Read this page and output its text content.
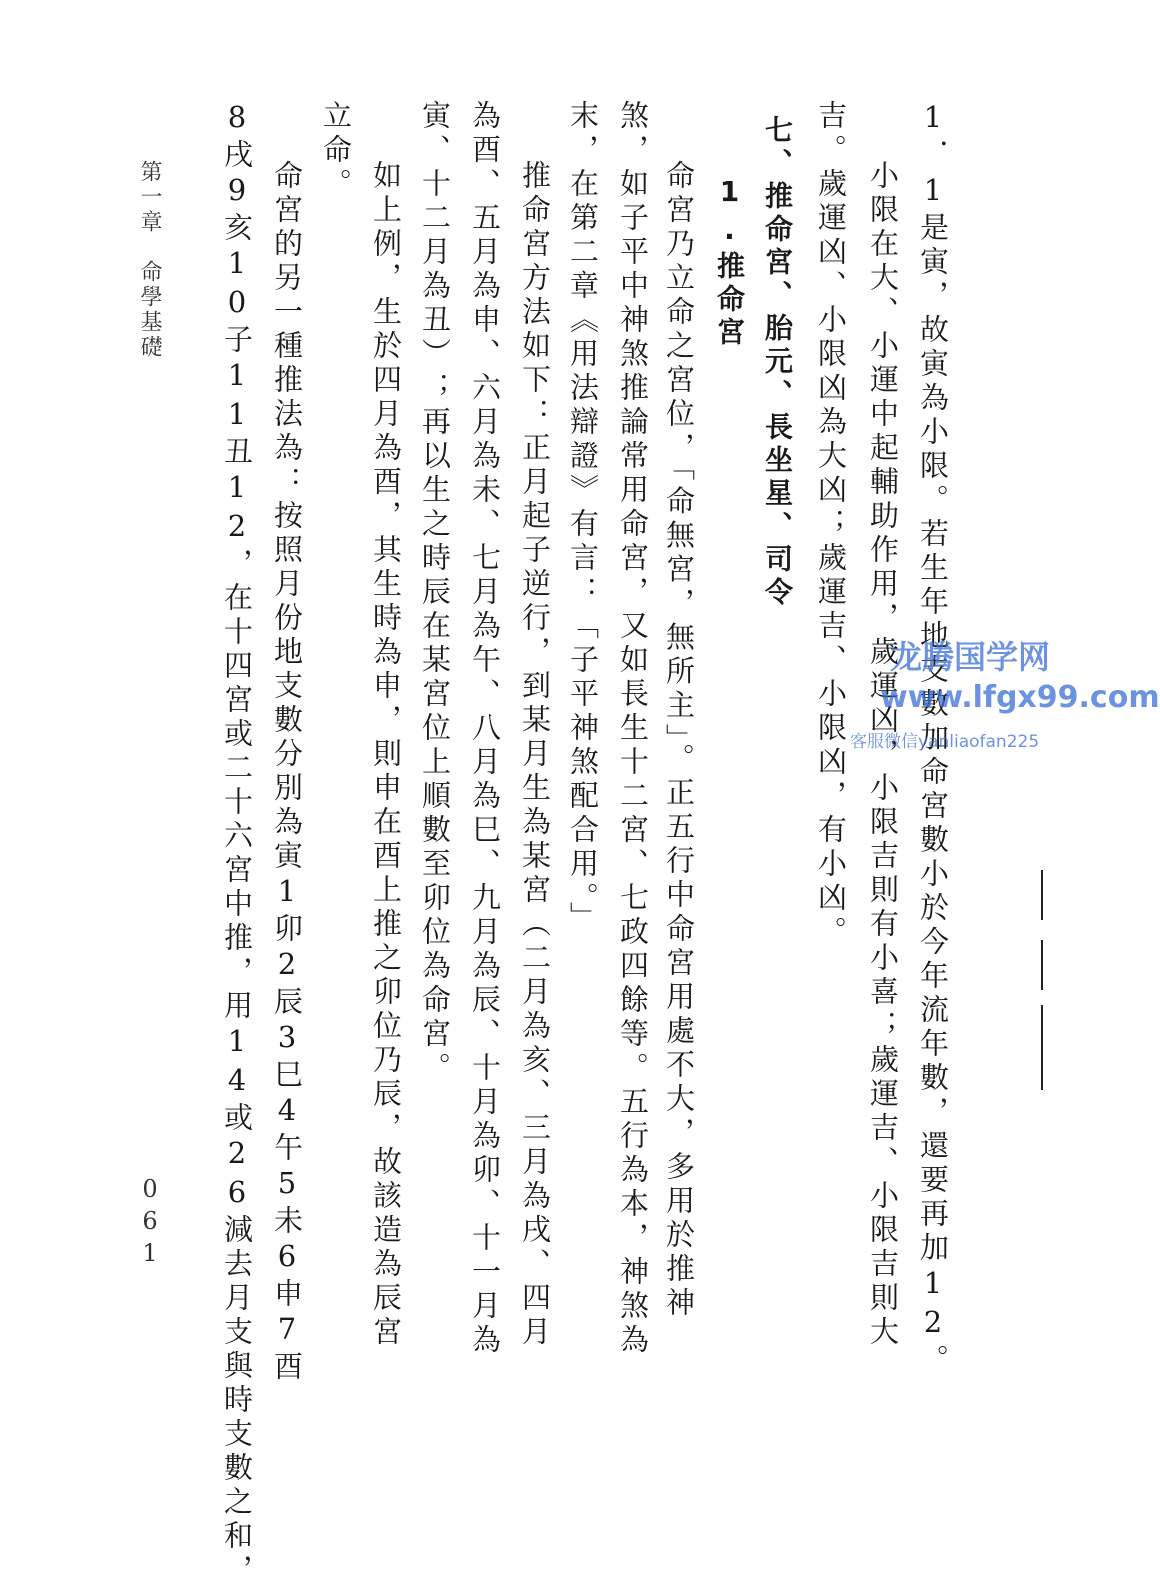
1．1是寅，故寅為小限。若生年地支數加命宮數小於今年流年數，還要再加12。
小限在大、小運中起輔助作用，歲運凶，小限吉則有小喜；歲運吉、小限吉則大
吉。歲運凶、小限凶為大凶；歲運吉、小限凶，有小凶。
七、推命宮、胎元、長坐星、司令
1.推命宮
命宮乃立命之宮位，「命無宮，無所主」。正五行中命宮用處不大，多用於推神
煞，如子平中神煞推論常用命宮，又如長生十二宮、七政四餘等。五行為本，神煞為
末，在第二章《用法辯證》有言：「子平神煞配合用。」
推命宮方法如下：正月起子逆行，到某月生為某宮（二月為亥、三月為戌、四月
為酉、五月為申、六月為未、七月為午、八月為巳、九月為辰、十月為卯、十一月為
寅、十二月為丑）；再以生之時辰在某宮位上順數至卯位為命宮。
如上例，生於四月為酉，其生時為申，則申在酉上推之卯位乃辰，故該造為辰宮
立命。
命宮的另一種推法為：按照月份地支數分別為寅1卯2辰3巳4午5未6申7酉
8戌9亥10子11丑12，在十四宮或二十六宮中推，用14或26減去月支與時支數之和，
第一章　命學基礎
061
龙腾国学网
www.lfgx99.com
客服微信yanliaofan225
